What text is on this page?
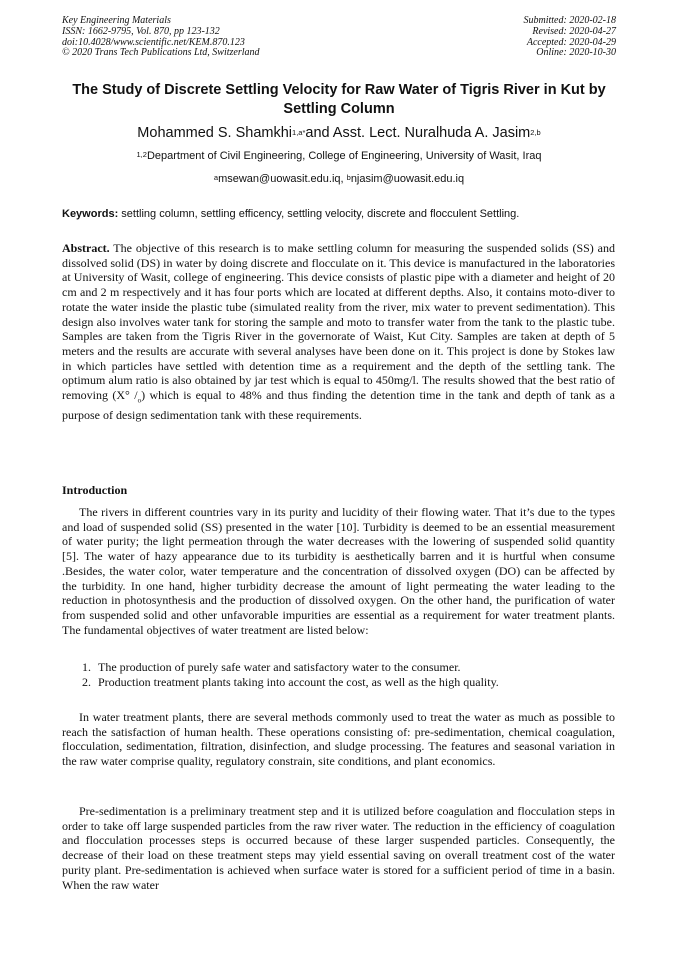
Key Engineering Materials
ISSN: 1662-9795, Vol. 870, pp 123-132
doi:10.4028/www.scientific.net/KEM.870.123
© 2020 Trans Tech Publications Ltd, Switzerland
Submitted: 2020-02-18
Revised: 2020-04-27
Accepted: 2020-04-29
Online: 2020-10-30
The Study of Discrete Settling Velocity for Raw Water of Tigris River in Kut by Settling Column
Mohammed S. Shamkhi$^{1,a*}$and Asst. Lect. Nuralhuda A. Jasim$^{2,b}$
$^{1,2}$Department of Civil Engineering, College of Engineering, University of Wasit, Iraq
$^a$msewan@uowasit.edu.iq, $^b$njasim@uowasit.edu.iq
Keywords: settling column, settling efficency, settling velocity, discrete and flocculent Settling.

Abstract. The objective of this research is to make settling column for measuring the suspended solids (SS) and dissolved solid (DS) in water by doing discrete and flocculate on it. This device is manufactured in the laboratories at University of Wasit, college of engineering. This device consists of plastic pipe with a diameter and height of 20 cm and 2 m respectively and it has four ports which are located at different depths. Also, it contains moto-diver to rotate the water inside the plastic tube (simulated reality from the river, mix water to prevent sedimentation). This design also involves water tank for storing the sample and moto to transfer water from the tank to the plastic tube. Samples are taken from the Tigris River in the governorate of Waist, Kut City. Samples are taken at depth of 5 meters and the results are accurate with several analyses have been done on it. This project is done by Stokes law in which particles have settled with detention time as a requirement and the depth of the settling tank. The optimum alum ratio is also obtained by jar test which is equal to 450mg/l. The results showed that the best ratio of removing (X° $/_o$) which is equal to 48% and thus finding the detention time in the tank and depth of tank as a purpose of design sedimentation tank with these requirements.

Introduction

The rivers in different countries vary in its purity and lucidity of their flowing water. That it’s due to the types and load of suspended solid (SS) presented in the water [10]. Turbidity is deemed to be an essential measurement of water purity; the light permeation through the water decreases with the lowering of suspended solid quantity [5]. The water of hazy appearance due to its turbidity is aesthetically barren and it is hurtful when consume .Besides, the water color, water temperature and the concentration of dissolved oxygen (DO) can be affected by the turbidity. In one hand, higher turbidity decrease the amount of light permeating the water leading to the reduction in photosynthesis and the production of dissolved oxygen. On the other hand, the purification of water from suspended solid and other unfavorable impurities are essential as a requirement for water treatment plants. The fundamental objectives of water treatment are listed below:

1. The production of purely safe water and satisfactory water to the consumer.
2. Production treatment plants taking into account the cost, as well as the high quality.

In water treatment plants, there are several methods commonly used to treat the water as much as possible to reach the satisfaction of human health. These operations consisting of: pre-sedimentation, chemical coagulation, flocculation, sedimentation, filtration, disinfection, and sludge processing. The features and seasonal variation in the raw water comprise quality, regulatory constrain, site conditions, and plant economics.

Pre-sedimentation is a preliminary treatment step and it is utilized before coagulation and flocculation steps in order to take off large suspended particles from the raw river water. The reduction in the efficiency of coagulation and flocculation processes steps is occurred because of these larger suspended particles. Consequently, the decrease of their load on these treatment steps may yield essential saving on overall treatment cost of the water purity plant. Pre-sedimentation is achieved when surface water is stored for a sufficient period of time in a basin. When the raw water
